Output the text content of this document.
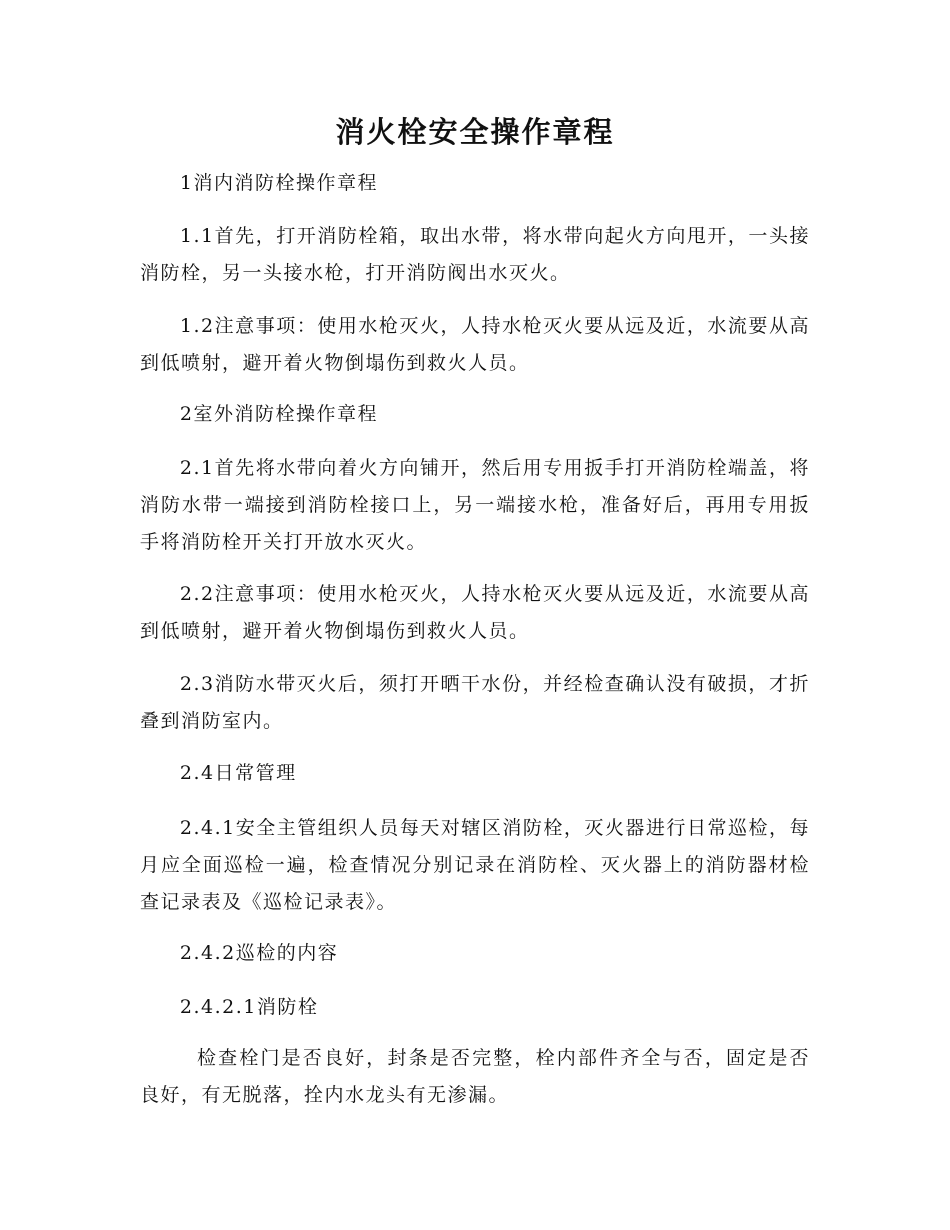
消火栓安全操作章程

1消内消防栓操作章程

1.1首先，打开消防栓箱，取出水带，将水带向起火方向甩开，一头接消防栓，另一头接水枪，打开消防阀出水灭火。

1.2注意事项：使用水枪灭火，人持水枪灭火要从远及近，水流要从高到低喷射，避开着火物倒塌伤到救火人员。

2室外消防栓操作章程

2.1首先将水带向着火方向铺开，然后用专用扳手打开消防栓端盖，将消防水带一端接到消防栓接口上，另一端接水枪，准备好后，再用专用扳手将消防栓开关打开放水灭火。

2.2注意事项：使用水枪灭火，人持水枪灭火要从远及近，水流要从高到低喷射，避开着火物倒塌伤到救火人员。

2.3消防水带灭火后，须打开晒干水份，并经检查确认没有破损，才折叠到消防室内。

2.4日常管理

2.4.1安全主管组织人员每天对辖区消防栓，灭火器进行日常巡检，每月应全面巡检一遍，检查情况分别记录在消防栓、灭火器上的消防器材检查记录表及《巡检记录表》。

2.4.2巡检的内容

2.4.2.1消防栓

检查栓门是否良好，封条是否完整，栓内部件齐全与否，固定是否良好，有无脱落，拴内水龙头有无渗漏。
